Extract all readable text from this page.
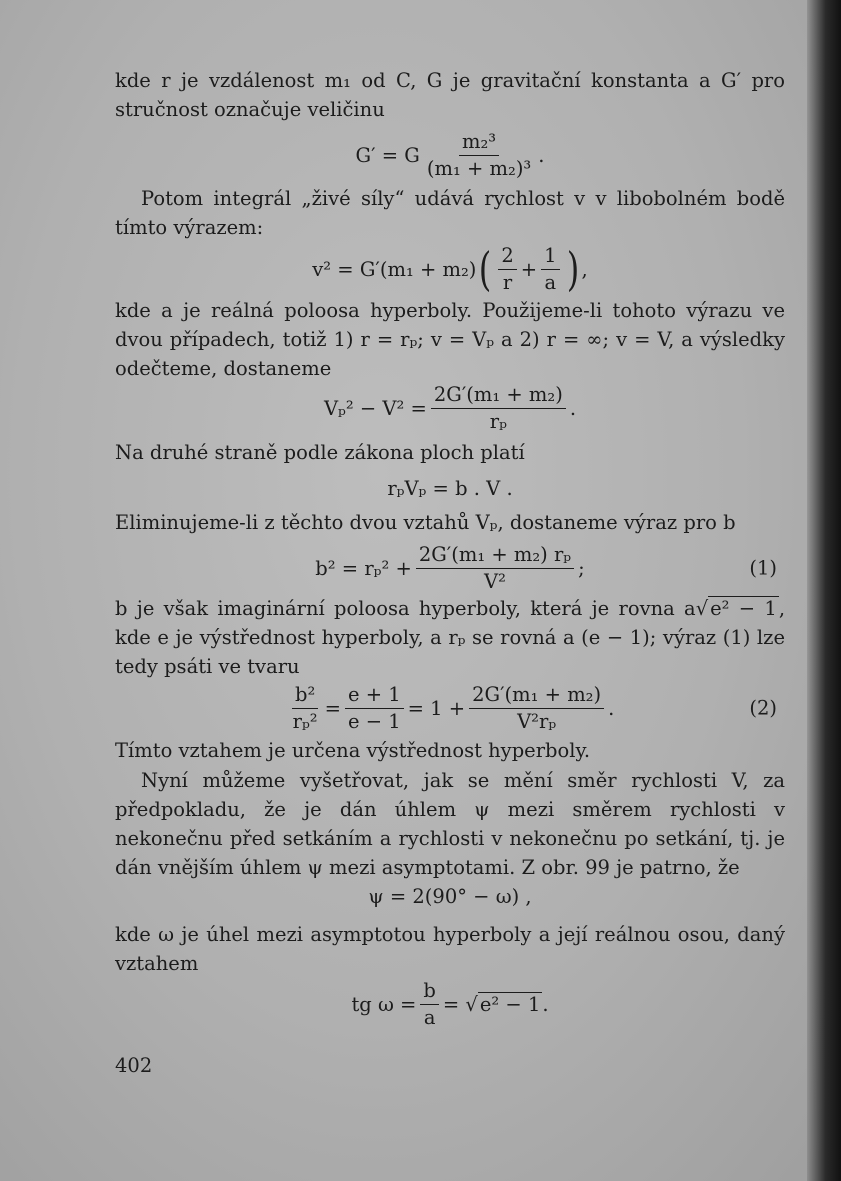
kde r je vzdálenost m₁ od C, G je gravitační konstanta a G′ pro stručnost označuje veličinu

G′ = G $\frac{\text{m₂³}}{\text{(m₁ + m₂)³}}$ .

Potom integrál „živé síly“ udává rychlost v v libobolném bodě tímto výrazem:

v² = G′(m₁ + m₂) ( $\frac{2}{r} + \frac{1}{a}$ ) ,

kde a je reálná poloosa hyperboly. Použijeme-li tohoto výrazu ve dvou případech, totiž 1) r = rₚ; v = Vₚ a 2) r = ∞; v = V, a výsledky odečteme, dostaneme

$V_p^2 - V^2 = \frac{\text{2G′(m₁ + m₂)}}{\text{rₚ}}$ .

Na druhé straně podle zákona ploch platí

rₚVₚ = b . V .

Eliminujeme-li z těchto dvou vztahů Vₚ, dostaneme výraz pro b

$b^2 = r_p^2 + \frac{\text{2G′(m₁ + m₂) rₚ}}{\text{V²}}$ ;	(1)

b je však imaginární poloosa hyperboly, která je rovna a√ e² − 1 , kde e je výstřednost hyperboly, a rₚ se rovná a (e − 1); výraz (1) lze tedy psáti ve tvaru

$\frac{\text{b²}}{\text{rₚ²}} = \frac{e + 1}{e - 1} = 1 + \frac{\text{2G′(m₁ + m₂)}}{\text{V²rₚ}}$ .	(2)

Tímto vztahem je určena výstřednost hyperboly.

Nyní můžeme vyšetřovat, jak se mění směr rychlosti V, za předpokladu, že je dán úhlem ψ mezi směrem rychlosti v nekonečnu před setkáním a rychlosti v nekonečnu po setkání, tj. je dán vnějším úhlem ψ mezi asymptotami. Z obr. 99 je patrno, že

ψ = 2(90° − ω) ,

kde ω je úhel mezi asymptotou hyperboly a její reálnou osou, daný vztahem

tg $\omega = \frac{b}{a}$ = √ e² − 1 .
402
